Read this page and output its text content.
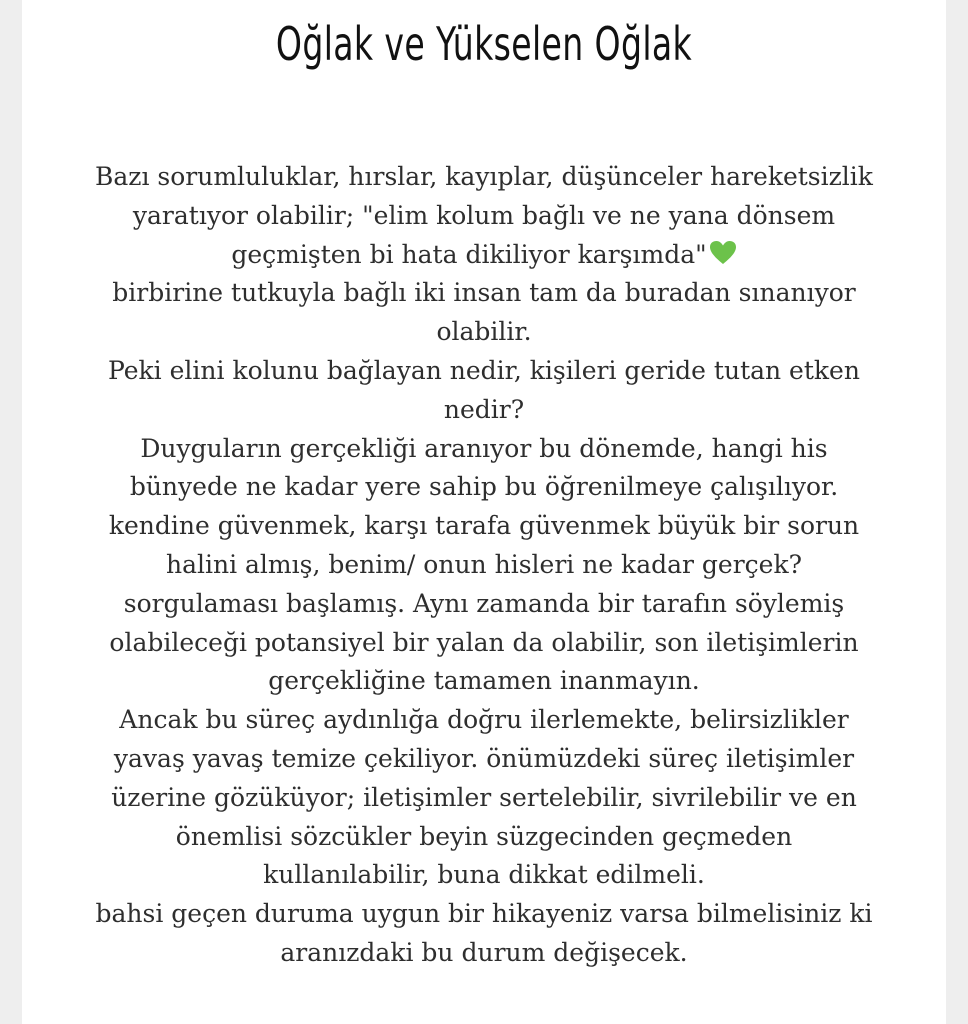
Oğlak ve Yükselen Oğlak
Bazı sorumluluklar, hırslar, kayıplar, düşünceler hareketsizlik
yaratıyor olabilir; "elim kolum bağlı ve ne yana dönsem
geçmişten bi hata dikiliyor karşımda"
birbirine tutkuyla bağlı iki insan tam da buradan sınanıyor
olabilir.
Peki elini kolunu bağlayan nedir, kişileri geride tutan etken
nedir?
Duyguların gerçekliği aranıyor bu dönemde, hangi his
bünyede ne kadar yere sahip bu öğrenilmeye çalışılıyor.
kendine güvenmek, karşı tarafa güvenmek büyük bir sorun
halini almış, benim/ onun hisleri ne kadar gerçek?
sorgulaması başlamış. Aynı zamanda bir tarafın söylemiş
olabileceği potansiyel bir yalan da olabilir, son iletişimlerin
gerçekliğine tamamen inanmayın.
Ancak bu süreç aydınlığa doğru ilerlemekte, belirsizlikler
yavaş yavaş temize çekiliyor. önümüzdeki süreç iletişimler
üzerine gözüküyor; iletişimler sertelebilir, sivrilebilir ve en
önemlisi sözcükler beyin süzgecinden geçmeden
kullanılabilir, buna dikkat edilmeli.
bahsi geçen duruma uygun bir hikayeniz varsa bilmelisiniz ki
aranızdaki bu durum değişecek.
